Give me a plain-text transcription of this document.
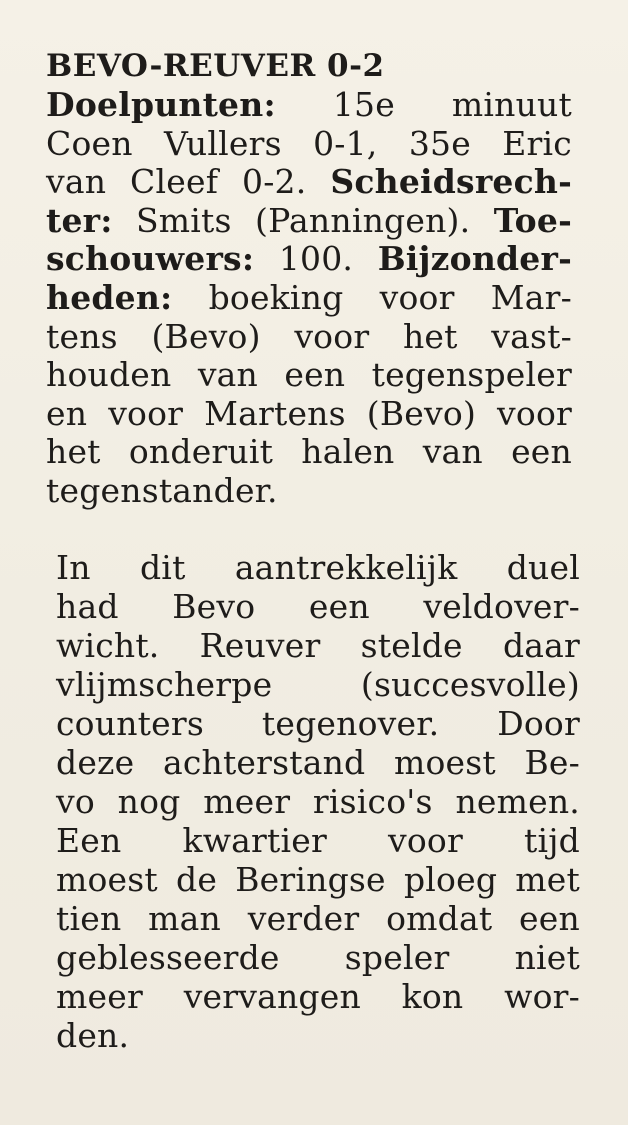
BEVO-REUVER 0-2
Doelpunten: 15e minuut
Coen Vullers 0-1, 35e Eric
van Cleef 0-2. Scheidsrech-
ter: Smits (Panningen). Toe-
schouwers: 100. Bijzonder-
heden: boeking voor Mar-
tens (Bevo) voor het vast-
houden van een tegenspeler
en voor Martens (Bevo) voor
het onderuit halen van een
tegenstander.
In dit aantrekkelijk duel
had Bevo een veldover-
wicht. Reuver stelde daar
vlijmscherpe	(succesvolle)
counters tegenover. Door
deze achterstand moest Be-
vo nog meer risico's nemen.
Een kwartier voor tijd
moest de Beringse ploeg met
tien man verder omdat een
geblesseerde speler niet
meer vervangen kon wor-
den.
